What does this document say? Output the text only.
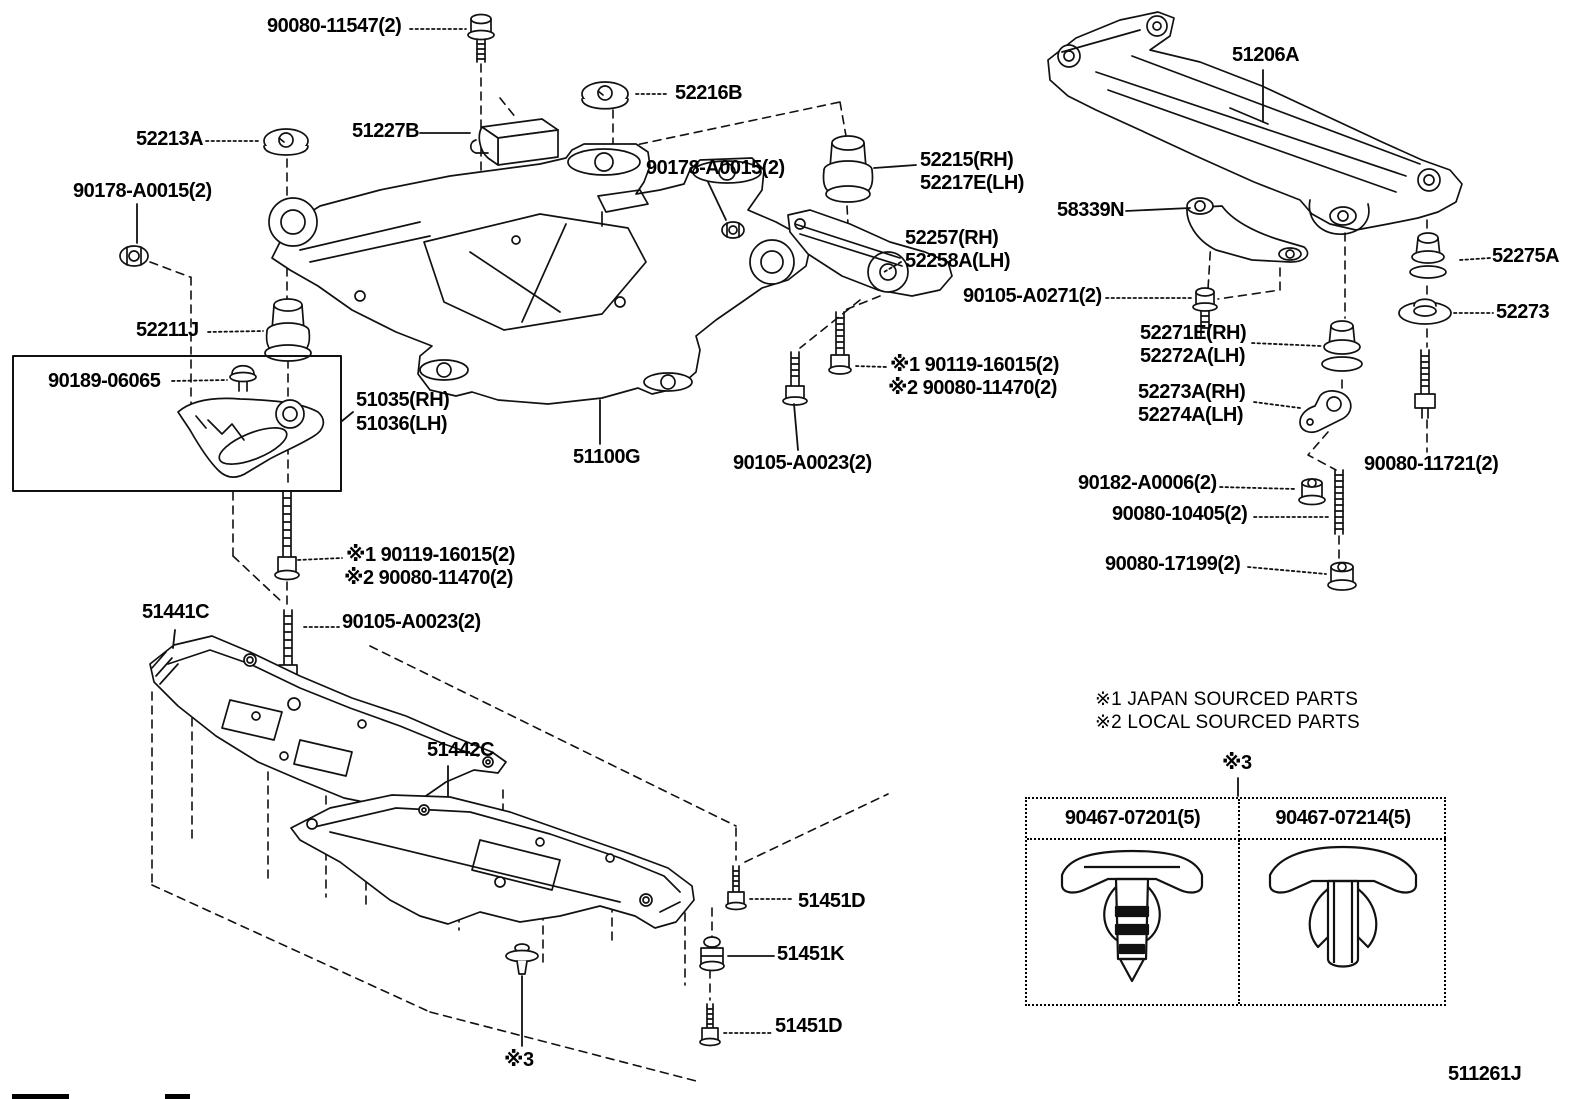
90080-11547(2)
52216B
52213A	51227B
90178-A0015(2)
90178-A0015(2)	52215(RH)
52217E(LH)
51206A
58339N
52257(RH)
52258A(LH)
90105-A0271(2)
52275A
52273
52271E(RH)
52272A(LH)
※1 90119-16015(2)
※2 90080-11470(2)	52273A(RH)
52274A(LH)
90080-11721(2)
90182-A0006(2)
90080-10405(2)
90080-17199(2)
52211J
90189-06065
51035(RH)
51036(LH)
51100G	90105-A0023(2)
※1 90119-16015(2)
※2 90080-11470(2)
51441C	90105-A0023(2)
51442C
51451D
51451K
51451D
※3
※1 JAPAN SOURCED PARTS
※2 LOCAL SOURCED PARTS
※3
90467-07201(5)	90467-07214(5)
511261J
